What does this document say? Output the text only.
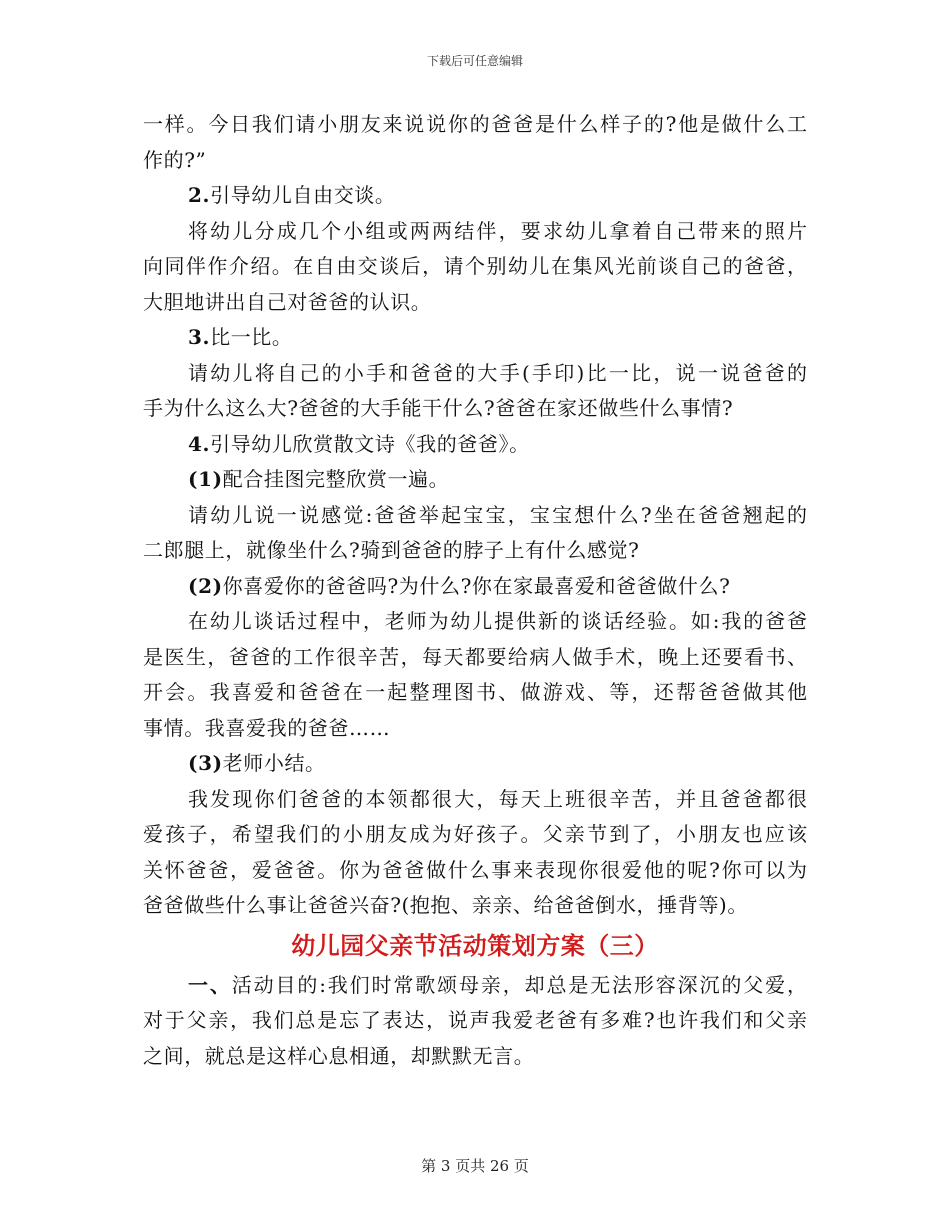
下载后可任意编辑
一样。今日我们请小朋友来说说你的爸爸是什么样子的?他是做什么工
作的?”
2.引导幼儿自由交谈。
将幼儿分成几个小组或两两结伴，要求幼儿拿着自己带来的照片
向同伴作介绍。在自由交谈后，请个别幼儿在集风光前谈自己的爸爸，
大胆地讲出自己对爸爸的认识。
3.比一比。
请幼儿将自己的小手和爸爸的大手(手印)比一比，说一说爸爸的
手为什么这么大?爸爸的大手能干什么?爸爸在家还做些什么事情?
4.引导幼儿欣赏散文诗《我的爸爸》。
(1)配合挂图完整欣赏一遍。
请幼儿说一说感觉:爸爸举起宝宝，宝宝想什么?坐在爸爸翘起的
二郎腿上，就像坐什么?骑到爸爸的脖子上有什么感觉?
(2)你喜爱你的爸爸吗?为什么?你在家最喜爱和爸爸做什么?
在幼儿谈话过程中，老师为幼儿提供新的谈话经验。如:我的爸爸
是医生，爸爸的工作很辛苦，每天都要给病人做手术，晚上还要看书、
开会。我喜爱和爸爸在一起整理图书、做游戏、等，还帮爸爸做其他
事情。我喜爱我的爸爸……
(3)老师小结。
我发现你们爸爸的本领都很大，每天上班很辛苦，并且爸爸都很
爱孩子，希望我们的小朋友成为好孩子。父亲节到了，小朋友也应该
关怀爸爸，爱爸爸。你为爸爸做什么事来表现你很爱他的呢?你可以为
爸爸做些什么事让爸爸兴奋?(抱抱、亲亲、给爸爸倒水，捶背等)。
幼儿园父亲节活动策划方案（三）
一、活动目的:我们时常歌颂母亲，却总是无法形容深沉的父爱，
对于父亲，我们总是忘了表达，说声我爱老爸有多难?也许我们和父亲
之间，就总是这样心息相通，却默默无言。
第 3 页共 26 页
